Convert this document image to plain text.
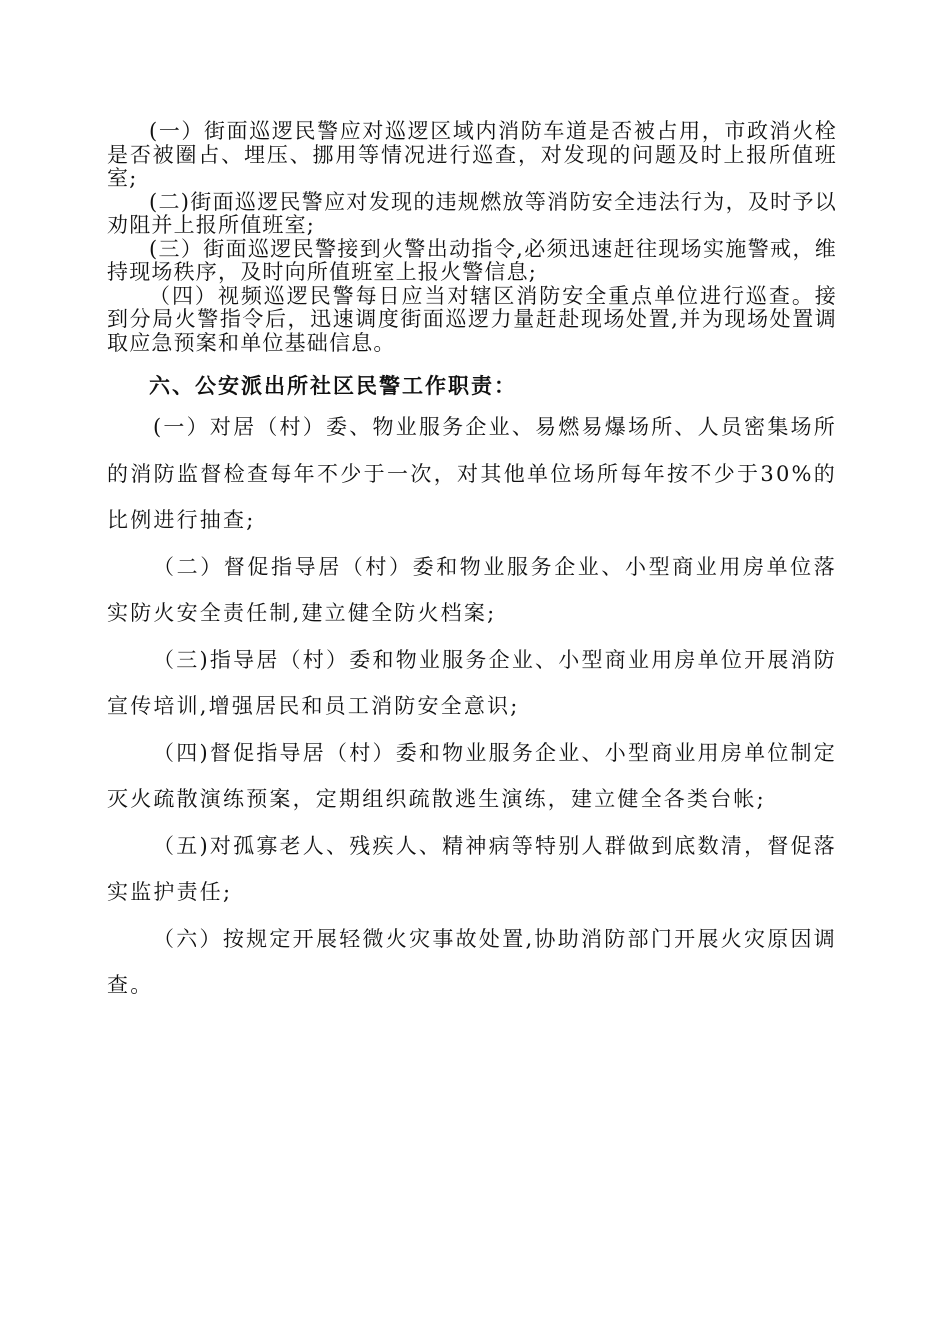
(一）街面巡逻民警应对巡逻区域内消防车道是否被占用，市政消火栓是否被圈占、埋压、挪用等情况进行巡查，对发现的问题及时上报所值班室;

(二)街面巡逻民警应对发现的违规燃放等消防安全违法行为，及时予以劝阻并上报所值班室;

(三）街面巡逻民警接到火警出动指令,必须迅速赶往现场实施警戒，维持现场秩序，及时向所值班室上报火警信息;

（四）视频巡逻民警每日应当对辖区消防安全重点单位进行巡查。接到分局火警指令后，迅速调度街面巡逻力量赶赴现场处置,并为现场处置调取应急预案和单位基础信息。

六、公安派出所社区民警工作职责：

(一）对居（村）委、物业服务企业、易燃易爆场所、人员密集场所的消防监督检查每年不少于一次，对其他单位场所每年按不少于30%的比例进行抽查;

（二）督促指导居（村）委和物业服务企业、小型商业用房单位落实防火安全责任制,建立健全防火档案;

（三)指导居（村）委和物业服务企业、小型商业用房单位开展消防宣传培训,增强居民和员工消防安全意识;

（四)督促指导居（村）委和物业服务企业、小型商业用房单位制定灭火疏散演练预案，定期组织疏散逃生演练，建立健全各类台帐;

（五)对孤寡老人、残疾人、精神病等特别人群做到底数清，督促落实监护责任;

（六）按规定开展轻微火灾事故处置,协助消防部门开展火灾原因调查。
